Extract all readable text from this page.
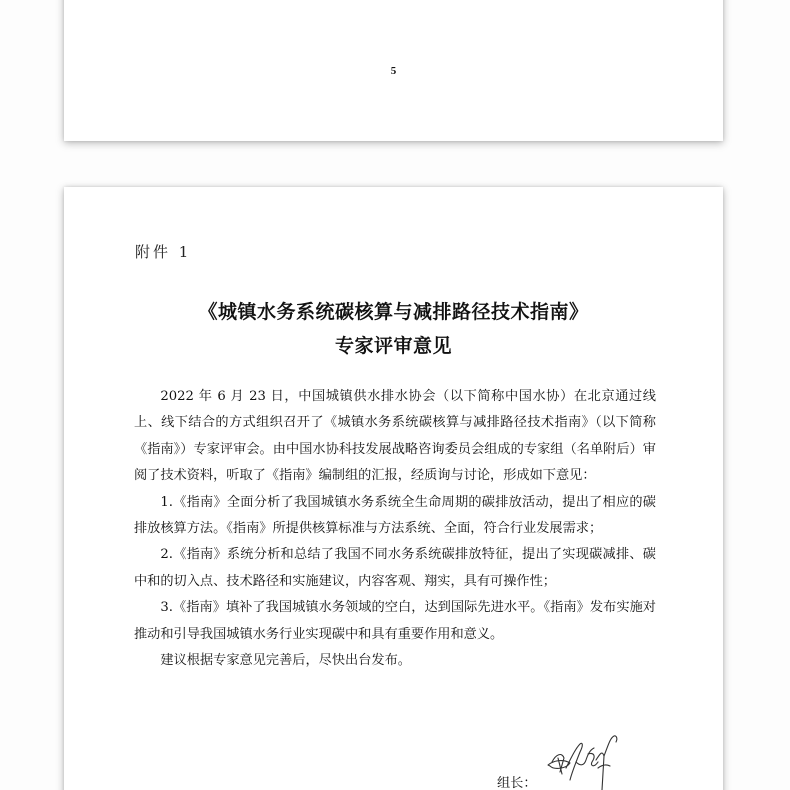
5
附件 1
《城镇水务系统碳核算与减排路径技术指南》
专家评审意见

2022 年 6 月 23 日，中国城镇供水排水协会（以下简称中国水协）在北京通过线上、线下结合的方式组织召开了《城镇水务系统碳核算与减排路径技术指南》（以下简称《指南》）专家评审会。由中国水协科技发展战略咨询委员会组成的专家组（名单附后）审阅了技术资料，听取了《指南》编制组的汇报，经质询与讨论，形成如下意见：

1.《指南》全面分析了我国城镇水务系统全生命周期的碳排放活动，提出了相应的碳排放核算方法。《指南》所提供核算标准与方法系统、全面，符合行业发展需求；

2.《指南》系统分析和总结了我国不同水务系统碳排放特征，提出了实现碳减排、碳中和的切入点、技术路径和实施建议，内容客观、翔实，具有可操作性；

3.《指南》填补了我国城镇水务领域的空白，达到国际先进水平。《指南》发布实施对推动和引导我国城镇水务行业实现碳中和具有重要作用和意义。

建议根据专家意见完善后，尽快出台发布。

组长：
